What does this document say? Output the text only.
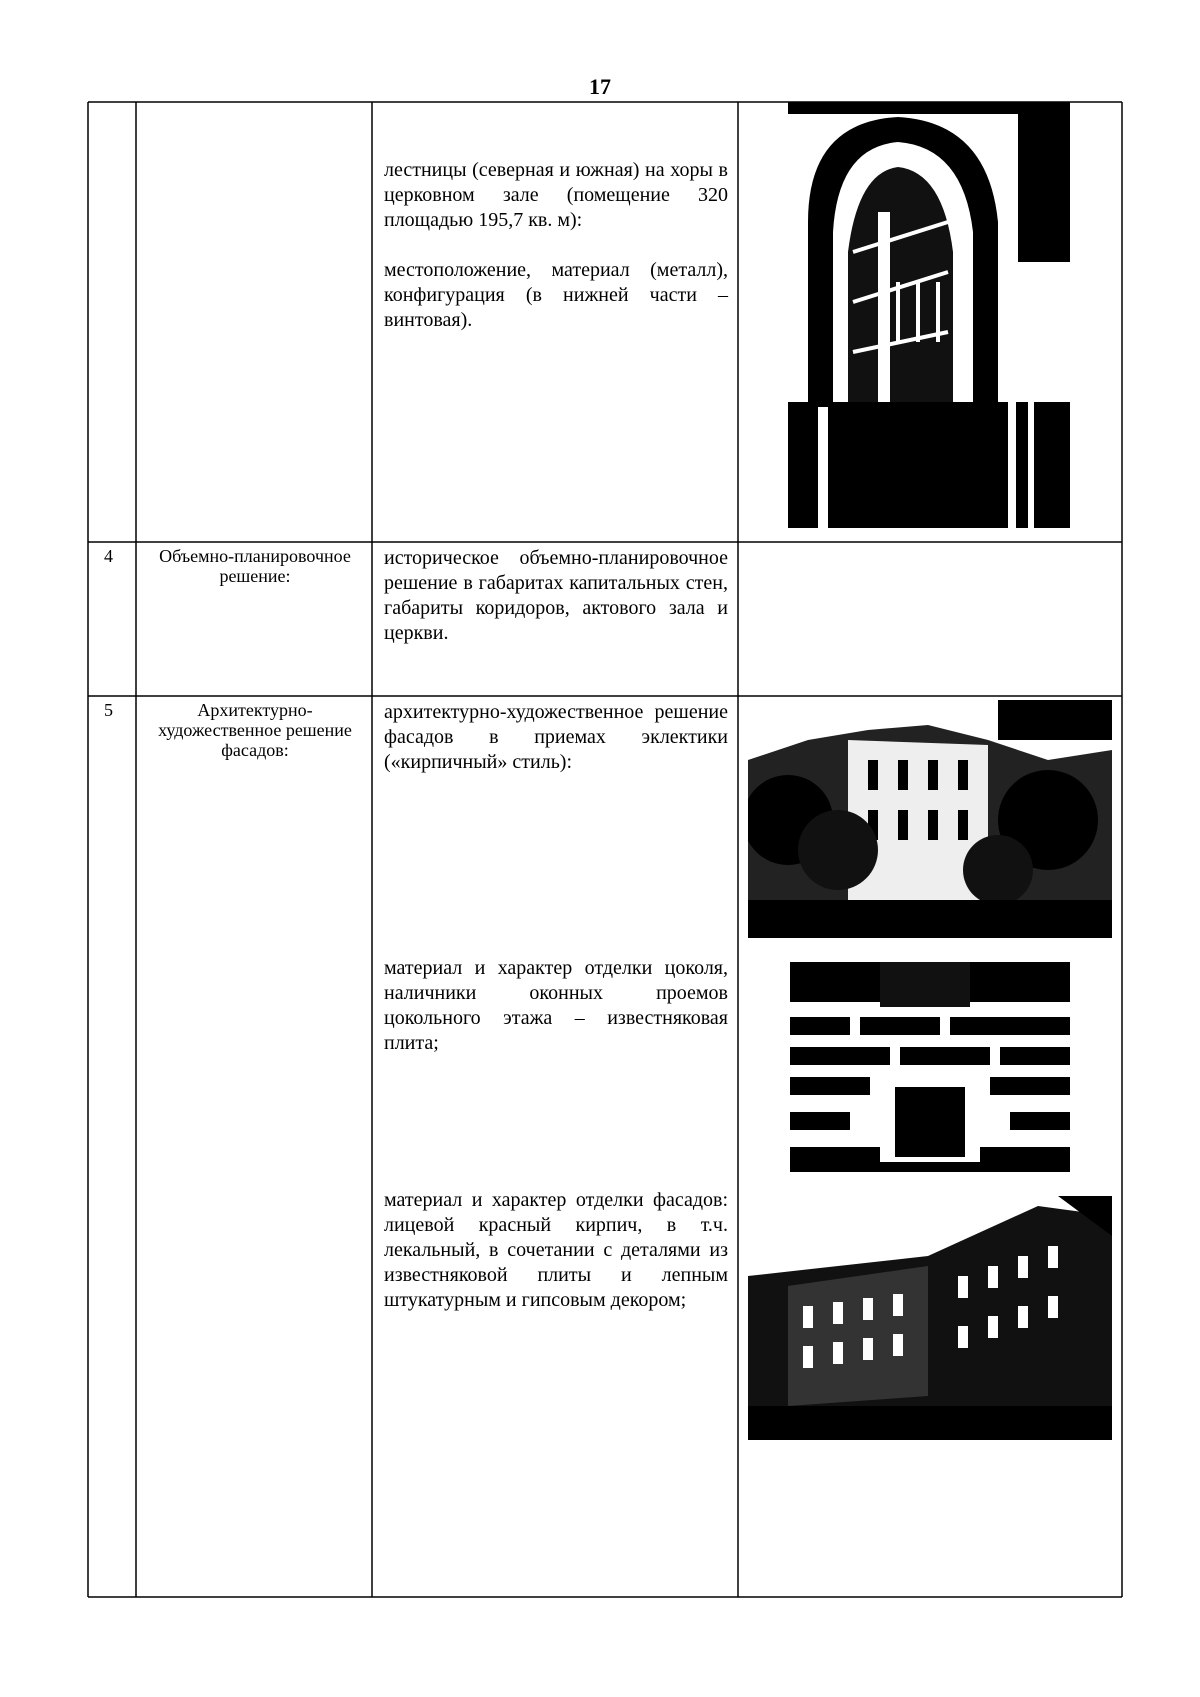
17

лестницы (северная и южная) на хоры в церковном зале (помещение 320 площадью 195,7 кв. м):

местоположение, материал (металл), конфигурация (в нижней части – винтовая).

4	Объемно-планировочное решение:

историческое объемно-планировочное решение в габаритах капитальных стен, габариты коридоров, актового зала и церкви.

5	Архитектурно-художественное решение фасадов:

архитектурно-художественное решение фасадов в приемах эклектики («кирпичный» стиль):

материал и характер отделки цоколя, наличники оконных проемов цокольного этажа – известняковая плита;

материал и характер отделки фасадов: лицевой красный кирпич, в т.ч. лекальный, в сочетании с деталями из известняковой плиты и лепным штукатурным и гипсовым декором;
